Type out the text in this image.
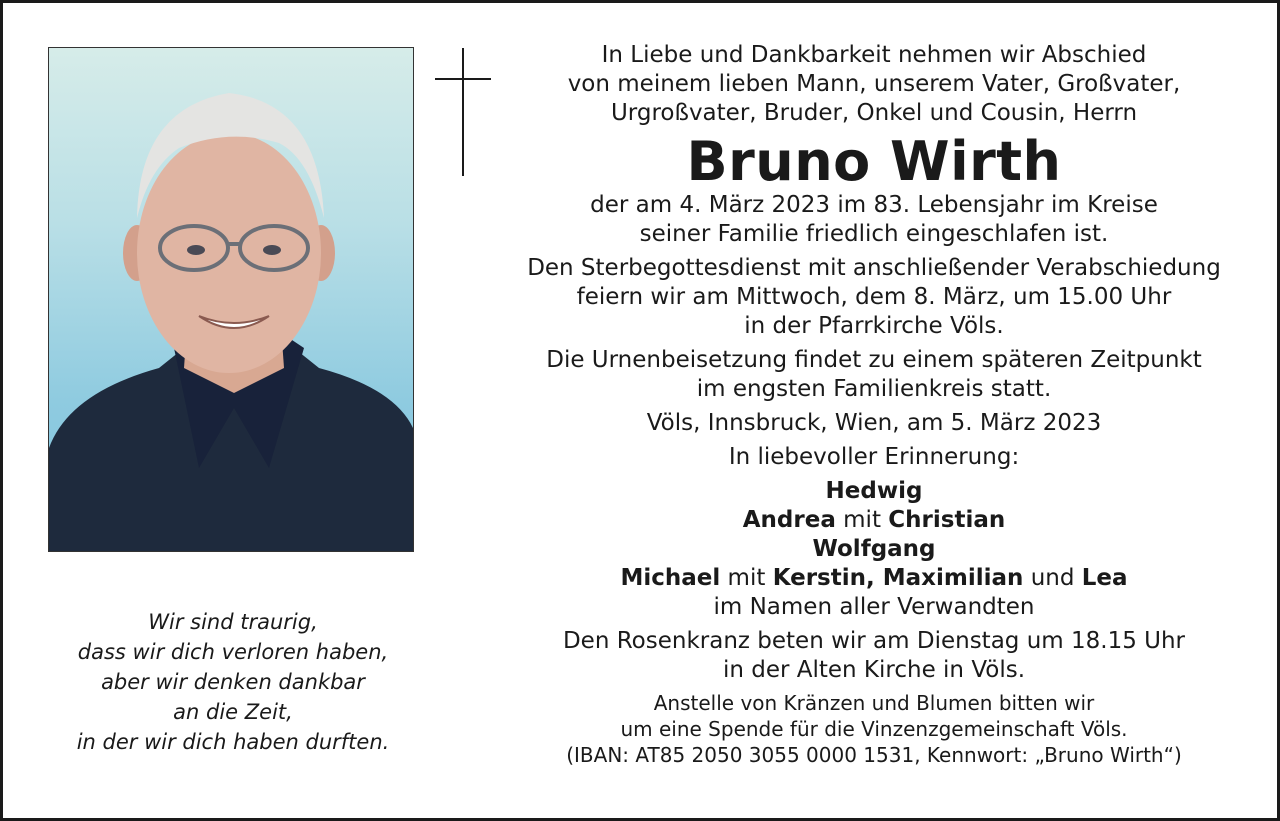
Wir sind traurig,
dass wir dich verloren haben,
aber wir denken dankbar
an die Zeit,
in der wir dich haben durften.
In Liebe und Dankbarkeit nehmen wir Abschied
von meinem lieben Mann, unserem Vater, Großvater,
Urgroßvater, Bruder, Onkel und Cousin, Herrn
Bruno Wirth
der am 4. März 2023 im 83. Lebensjahr im Kreise
seiner Familie friedlich eingeschlafen ist.
Den Sterbegottesdienst mit anschließender Verabschiedung
feiern wir am Mittwoch, dem 8. März, um 15.00 Uhr
in der Pfarrkirche Völs.
Die Urnenbeisetzung findet zu einem späteren Zeitpunkt
im engsten Familienkreis statt.
Völs, Innsbruck, Wien, am 5. März 2023
In liebevoller Erinnerung:
Hedwig
Andrea mit Christian
Wolfgang
Michael mit Kerstin, Maximilian und Lea
im Namen aller Verwandten
Den Rosenkranz beten wir am Dienstag um 18.15 Uhr
in der Alten Kirche in Völs.
Anstelle von Kränzen und Blumen bitten wir
um eine Spende für die Vinzenzgemeinschaft Völs.
(IBAN: AT85 2050 3055 0000 1531, Kennwort: „Bruno Wirth“)
